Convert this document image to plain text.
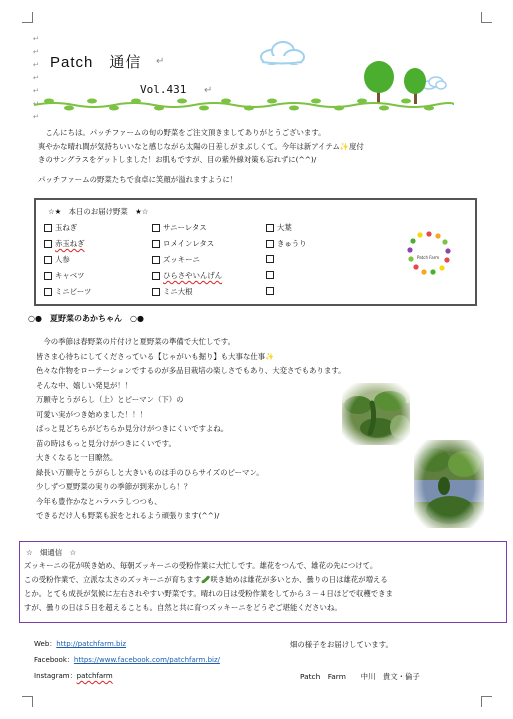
↵
↵
↵
↵
↵
↵
↵
Patch　通信 ↵
Vol.431 ↵
　こんにちは。パッチファームの旬の野菜をご注文頂きましてありがとうございます。
爽やかな晴れ間が気持ちいいなと感じながら太陽の日差しがまぶしくて。今年は新アイテム✨度付
きのサングラスをゲットしました！お肌もですが、目の紫外線対策も忘れずに(^^)/
パッチファームの野菜たちで食卓に笑顔が溢れますように！
☆★　本日のお届け野菜　★☆
玉ねぎ
赤玉ねぎ
人参
キャベツ
ミニビーツ
サニーレタス
ロメインレタス
ズッキーニ
ひらさやいんげん
ミニ大根
大葉
きゅうり
Patch Farm
○●　夏野菜のあかちゃん　○●
　今の季節は春野菜の片付けと夏野菜の準備で大忙しです。
皆さま心待ちにしてくださっている【じゃがいも掘り】も大事な仕事✨
色々な作物をローテーションでするのが多品目栽培の楽しさでもあり、大変さでもあります。
そんな中、嬉しい発見が！！
万願寺とうがらし（上）とピーマン（下）の
可愛い実がつき始めました！！！
ぱっと見どちらがどちらか見分けがつきにくいですよね。
苗の時はもっと見分けがつきにくいです。
大きくなると一目瞭然。
緑長い万願寺とうがらしと大きいものは手のひらサイズのピーマン。
少しずつ夏野菜の実りの季節が到来かしら！？
今年も豊作かなとハラハラしつつも、
できるだけ人も野菜も涙をとれるよう頑張ります(^^)/
☆　畑通信　☆
ズッキーニの花が咲き始め、毎朝ズッキーニの受粉作業に大忙しです。雄花をつんで、雄花の先につけて。
この受粉作業で、立派な太さのズッキーニが育ちます🥒咲き始めは雄花が多いとか、曇りの日は雄花が増える
とか。とても成長が気候に左右されやすい野菜です。晴れの日は受粉作業をしてから３－４日ほどで収穫できま
すが、曇りの日は５日を超えることも。自然と共に育つズッキーニをどうぞご堪能くださいね。
Web：http://patchfarm.biz	畑の様子をお届けしています。
Facebook：https://www.facebook.com/patchfarm.biz/
Instagram：patchfarm	Patch　Farm　　中川　貴文・倫子
